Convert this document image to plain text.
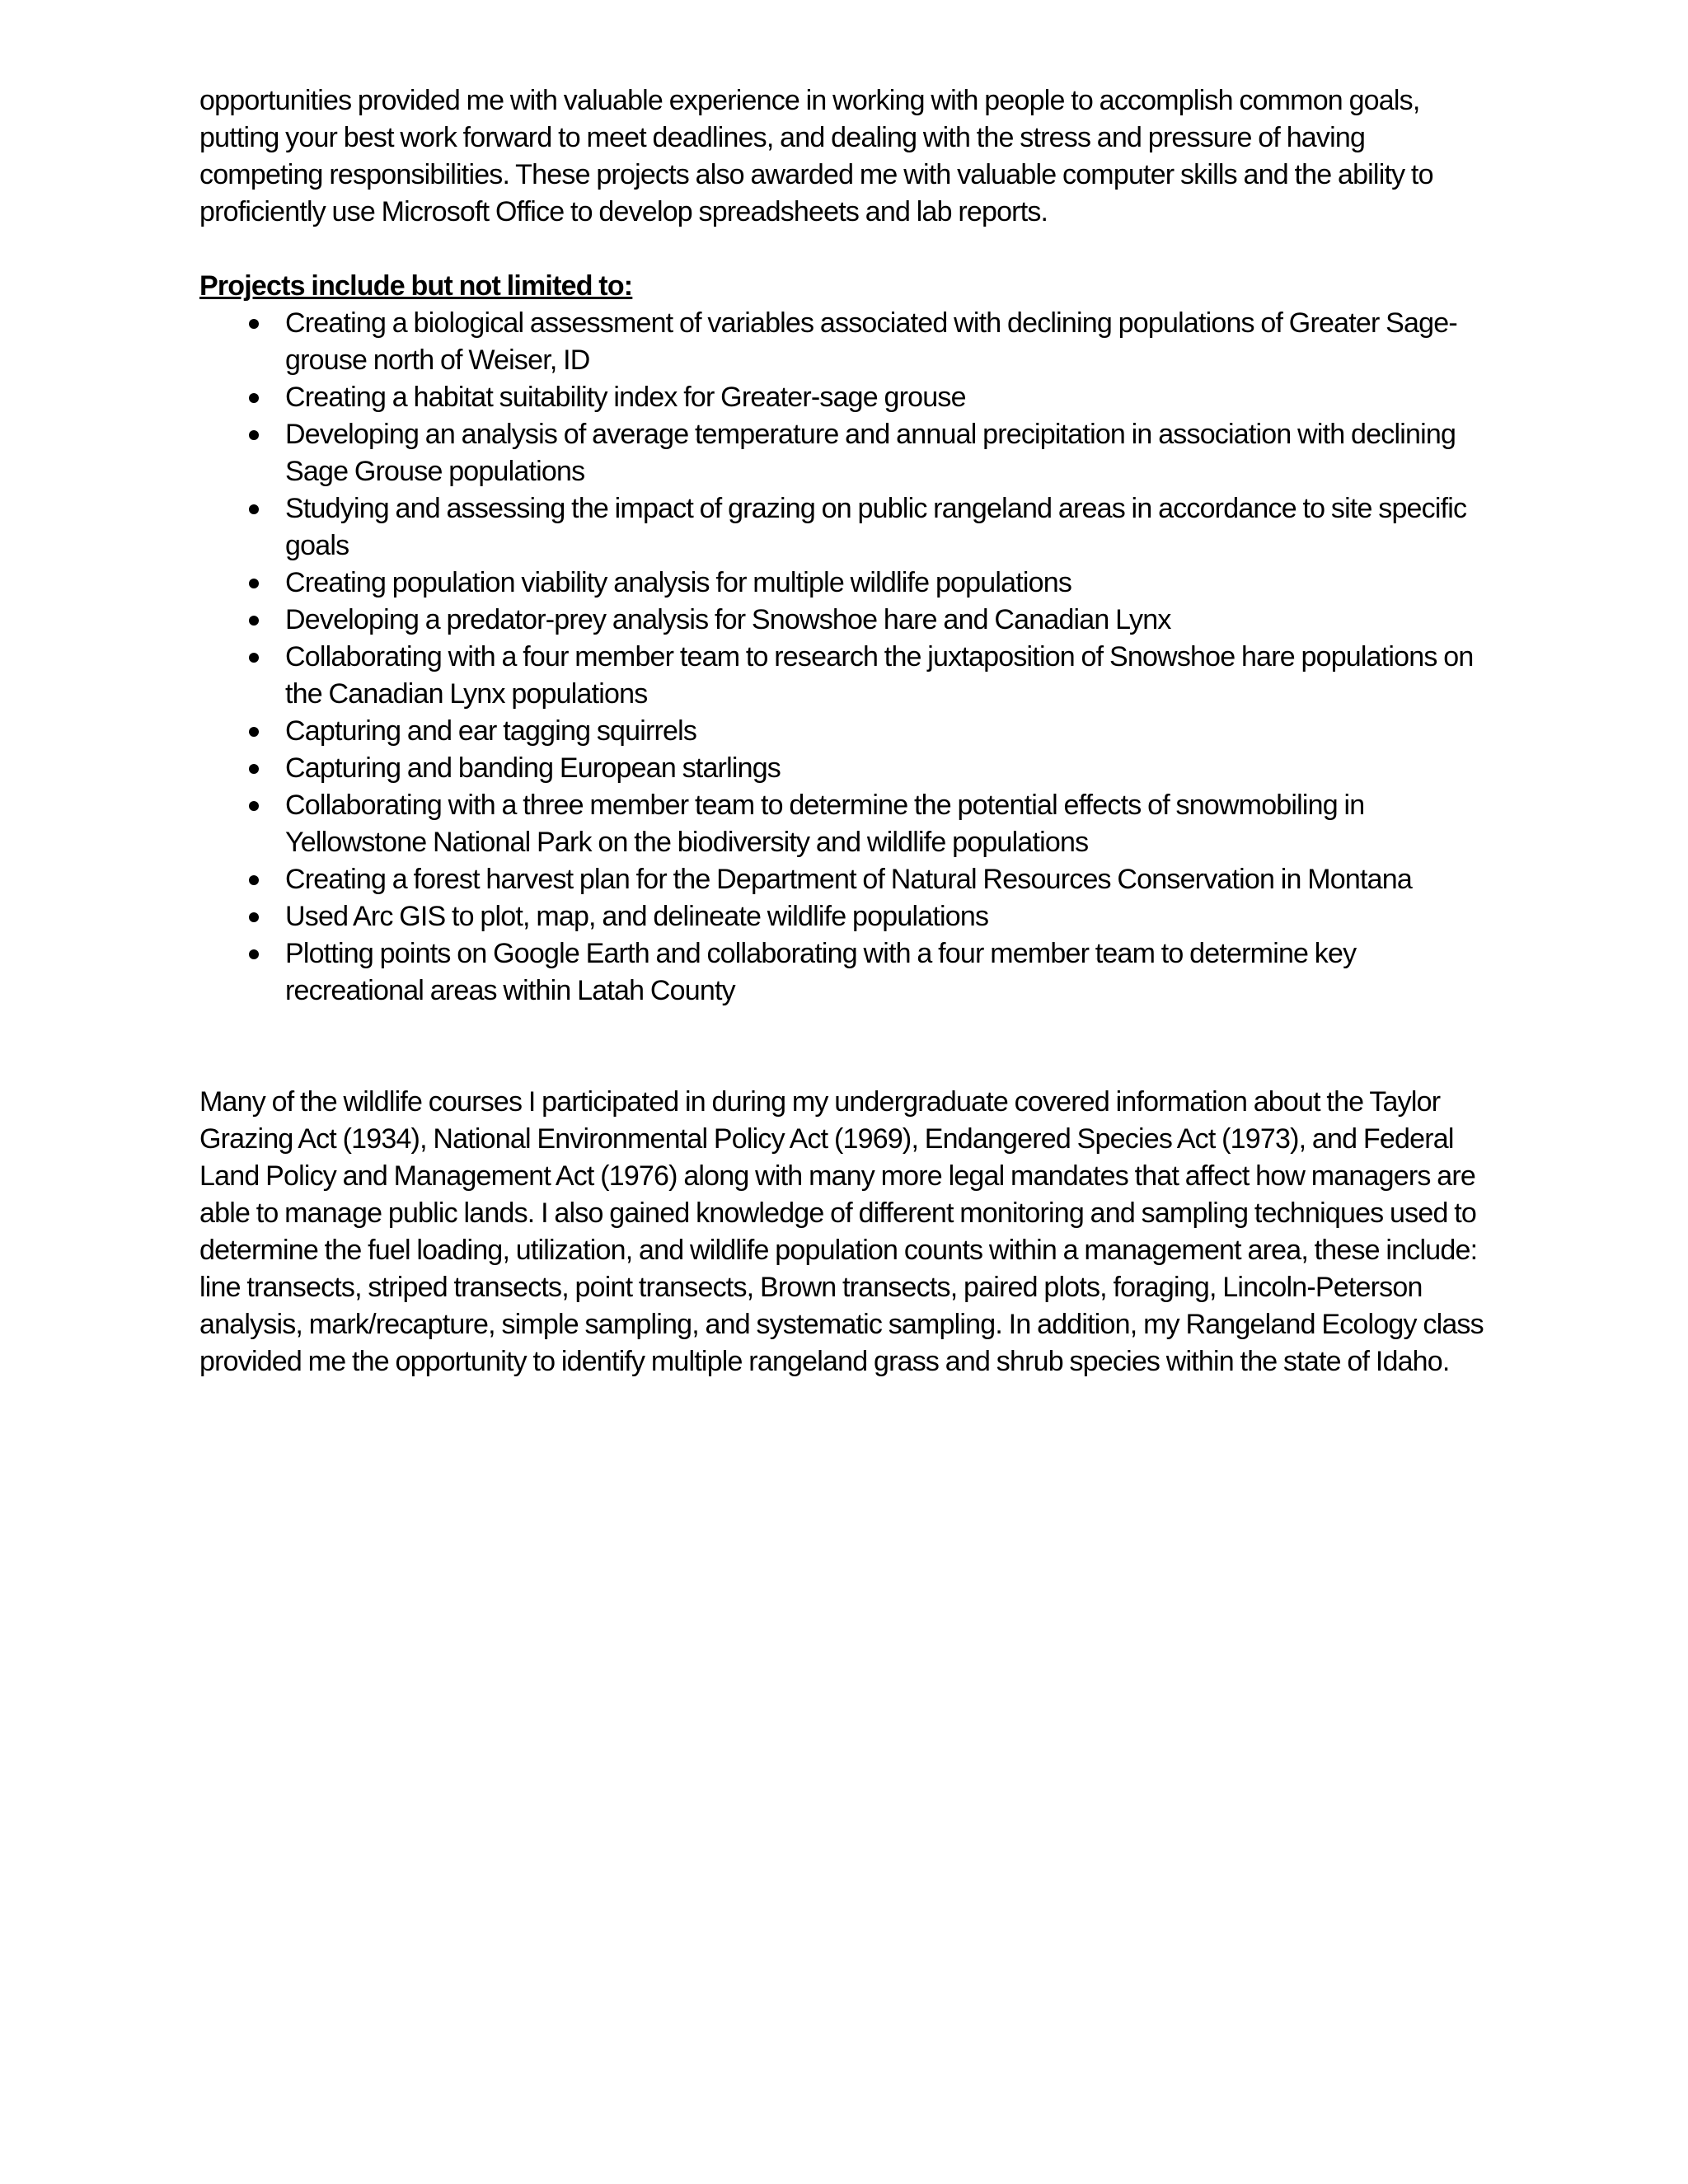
opportunities provided me with valuable experience in working with people to accomplish common goals, putting your best work forward to meet deadlines, and dealing with the stress and pressure of having competing responsibilities. These projects also awarded me with valuable computer skills and the ability to proficiently use Microsoft Office to develop spreadsheets and lab reports.

Projects include but not limited to:

Creating a biological assessment of variables associated with declining populations of Greater Sage-grouse north of Weiser, ID
Creating a habitat suitability index for Greater-sage grouse
Developing an analysis of average temperature and annual precipitation in association with declining Sage Grouse populations
Studying and assessing the impact of grazing on public rangeland areas in accordance to site specific goals
Creating population viability analysis for multiple wildlife populations
Developing a predator-prey analysis for Snowshoe hare and Canadian Lynx
Collaborating with a four member team to research the juxtaposition of Snowshoe hare populations on the Canadian Lynx populations
Capturing and ear tagging squirrels
Capturing and banding European starlings
Collaborating with a three member team to determine the potential effects of snowmobiling in Yellowstone National Park on the biodiversity and wildlife populations
Creating a forest harvest plan for the Department of Natural Resources Conservation in Montana
Used Arc GIS to plot, map, and delineate wildlife populations
Plotting points on Google Earth and collaborating with a four member team to determine key recreational areas within Latah County

Many of the wildlife courses I participated in during my undergraduate covered information about the Taylor Grazing Act (1934), National Environmental Policy Act (1969), Endangered Species Act (1973), and Federal Land Policy and Management Act (1976) along with many more legal mandates that affect how managers are able to manage public lands. I also gained knowledge of different monitoring and sampling techniques used to determine the fuel loading, utilization, and wildlife population counts within a management area, these include: line transects, striped transects, point transects, Brown transects, paired plots, foraging, Lincoln-Peterson analysis, mark/recapture, simple sampling, and systematic sampling. In addition, my Rangeland Ecology class provided me the opportunity to identify multiple rangeland grass and shrub species within the state of Idaho.
